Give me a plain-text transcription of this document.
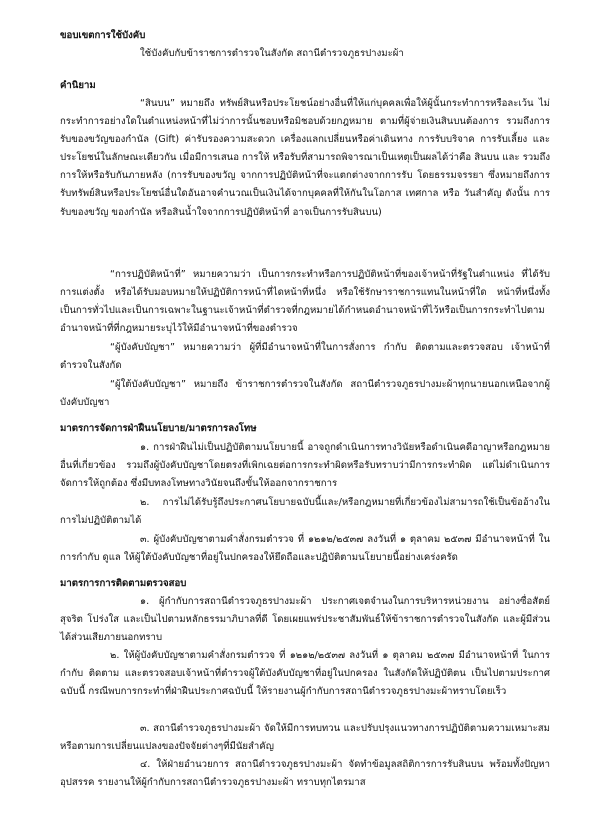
ขอบเขตการใช้บังคับ
ใช้บังคับกับข้าราชการตำรวจในสังกัด สถานีตำรวจภูธรปางมะผ้า
คำนิยาม
“สินบน” หมายถึง ทรัพย์สินหรือประโยชน์อย่างอื่นที่ให้แก่บุคคลเพื่อให้ผู้นั้นกระทำการหรือละเว้น ไม่กระทำการอย่างใดในตำแหน่งหน้าที่ไม่ว่าการนั้นชอบหรือมิชอบด้วยกฎหมาย ตามที่ผู้จ่ายเงินสินบนต้องการ รวมถึงการรับของขวัญของกำนัล (Gift) ค่ารับรองความสะดวก เครื่องแลกเปลี่ยนหรือค่าเดินทาง การรับบริจาค การรับเลี้ยง และ ประโยชน์ในลักษณะเดียวกัน เมื่อมีการเสนอ การให้ หรือรับที่สามารถพิจารณาเป็นเหตุเป็นผลได้ว่าคือ สินบน และ รวมถึงการให้หรือรับกันภายหลัง (การรับของขวัญ จากการปฏิบัติหน้าที่จะแตกต่างจากการรับ โดยธรรมจรรยา ซึ่งหมายถึงการรับทรัพย์สินหรือประโยชน์อื่นใดอันอาจคำนวณเป็นเงินได้จากบุคคลที่ให้กันในโอกาส เทศกาล หรือ วันสำคัญ ดังนั้น การรับของขวัญ ของกำนัล หรือสินน้ำใจจากการปฏิบัติหน้าที่ อาจเป็นการรับสินบน)
“การปฏิบัติหน้าที่” หมายความว่า เป็นการกระทำหรือการปฏิบัติหน้าที่ของเจ้าหน้าที่รัฐในตำแหน่ง ที่ได้รับการแต่งตั้ง หรือได้รับมอบหมายให้ปฏิบัติการหน้าที่ไดหน้าที่หนึ่ง หรือใช้รักษาราชการแทนในหน้าที่ใด หน้าที่หนึ่งทั้งเป็นการทั่วไปและเป็นการเฉพาะในฐานะเจ้าหน้าที่ตำรวจที่กฎหมายได้กำหนดอำนาจหน้าที่ไว้หรือเป็นการกระทำไปตามอำนาจหน้าที่ที่กฎหมายระบุไว้ให้มีอำนาจหน้าที่ของตำรวจ
“ผู้บังคับบัญชา” หมายความว่า ผู้ที่มีอำนาจหน้าที่ในการสั่งการ กำกับ ติดตามและตรวจสอบ เจ้าหน้าที่ตำรวจในสังกัด
“ผู้ใต้บังคับบัญชา” หมายถึง ข้าราชการตำรวจในสังกัด สถานีตำรวจภูธรปางมะผ้าทุกนายนอกเหนือจากผู้บังคับบัญชา
มาตรการจัดการฝ่าฝืนนโยบาย/มาตรการลงโทษ
๑. การฝ่าฝืนไม่เป็นปฏิบัติตามนโยบายนี้ อาจถูกดำเนินการทางวินัยหรือดำเนินคดีอาญาหรือกฎหมาย อื่นที่เกี่ยวข้อง รวมถึงผู้บังคับบัญชาโดยตรงที่เพิกเฉยต่อการกระทำผิดหรือรับทราบว่ามีการกระทำผิด แต่ไม่ดำเนินการจัดการให้ถูกต้อง ซึ่งมีบทลงโทษทางวินัยจนถึงขั้นให้ออกจากราชการ
๒. การไม่ได้รับรู้ถึงประกาศนโยบายฉบับนี้และ/หรือกฎหมายที่เกี่ยวข้องไม่สามารถใช้เป็นข้ออ้างในการไม่ปฏิบัติตามได้
๓. ผู้บังคับบัญชาตามคำสั่งกรมตำรวจ ที่ ๑๒๑๒/๒๕๓๗ ลงวันที่ ๑ ตุลาคม ๒๕๓๗ มีอำนาจหน้าที่ ในการกำกับ ดูแล ให้ผู้ใต้บังคับบัญชาที่อยู่ในปกครองให้ยึดถือและปฏิบัติตามนโยบายนี้อย่างเคร่งครัด
มาตรการการติดตามตรวจสอบ
๑. ผู้กำกับการสถานีตำรวจภูธรปางมะผ้า ประกาศเจตจำนงในการบริหารหน่วยงาน อย่างซื่อสัตย์ สุจริต โปร่งใส และเป็นไปตามหลักธรรมาภิบาลที่ดี โดยเผยแพร่ประชาสัมพันธ์ให้ข้าราชการตำรวจในสังกัด และผู้มีส่วนได้ส่วนเสียภายนอกทราบ
๒. ให้ผู้บังคับบัญชาตามคำสั่งกรมตำรวจ ที่ ๑๒๑๒/๒๕๓๗ ลงวันที่ ๑ ตุลาคม ๒๕๓๗ มีอำนาจหน้าที่ ในการกำกับ ติดตาม และตรวจสอบเจ้าหน้าที่ตำรวจผู้ใต้บังคับบัญชาที่อยู่ในปกครอง ในสังกัดให้ปฏิบัติตน เป็นไปตามประกาศฉบับนี้ กรณีพบการกระทำที่ฝ่าฝืนประกาศฉบับนี้ ให้รายงานผู้กำกับการสถานีตำรวจภูธรปางมะผ้าทราบโดยเร็ว
๓. สถานีตำรวจภูธรปางมะผ้า จัดให้มีการทบทวน และปรับปรุงแนวทางการปฏิบัติตามความเหมาะสมหรือตามการเปลี่ยนแปลงของปัจจัยต่างๆที่มีนัยสำคัญ
๔. ให้ฝ่ายอำนวยการ สถานีตำรวจภูธรปางมะผ้า จัดทำข้อมูลสถิติการการรับสินบน พร้อมทั้งปัญหา อุปสรรค รายงานให้ผู้กำกับการสถานีตำรวจภูธรปางมะผ้า ทราบทุกไตรมาส
